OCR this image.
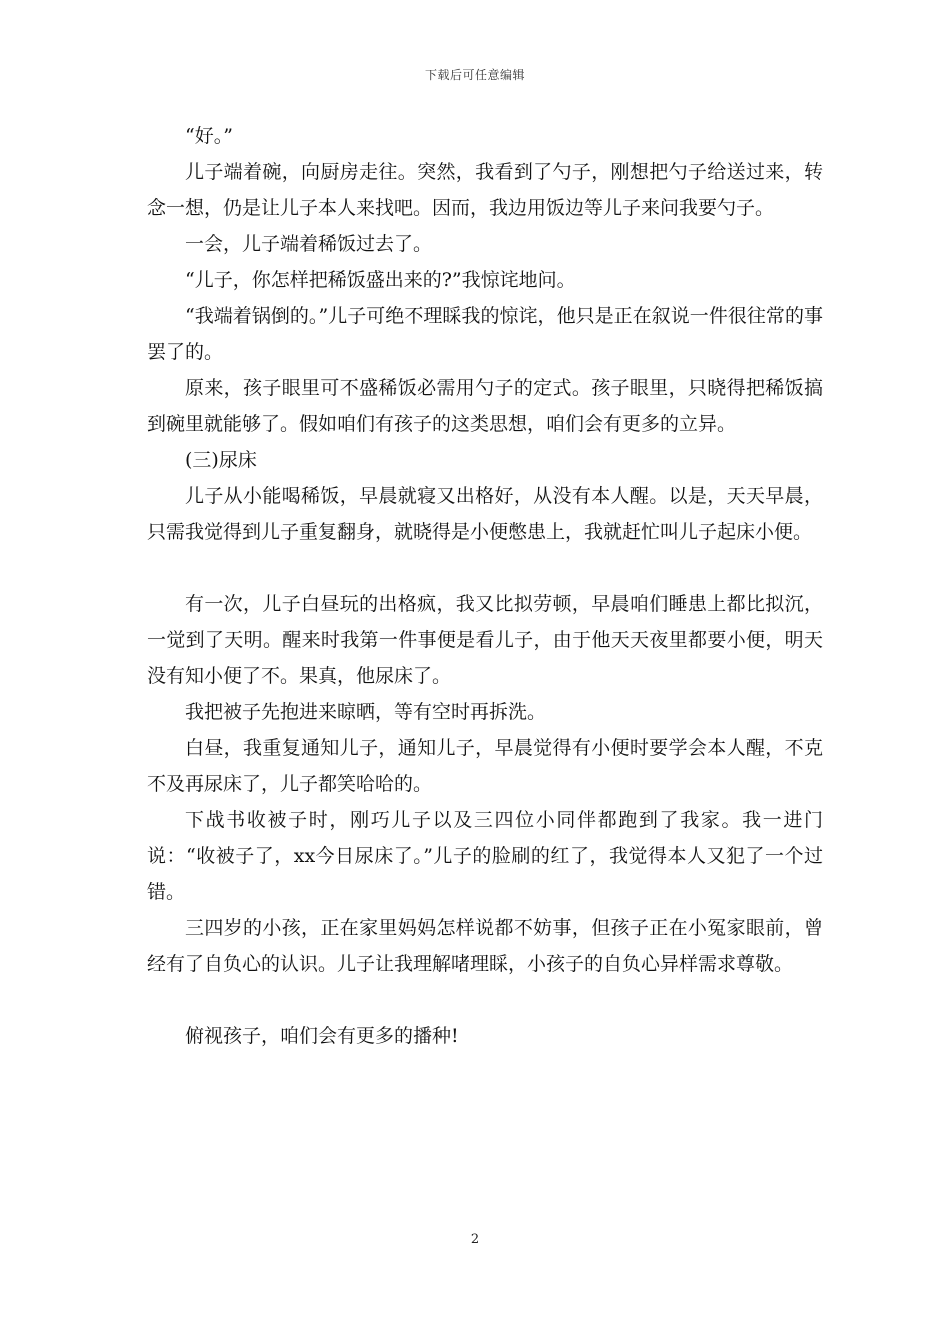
下载后可任意编辑

“好。”

儿子端着碗，向厨房走往。突然，我看到了勺子，刚想把勺子给送过来，转念一想，仍是让儿子本人来找吧。因而，我边用饭边等儿子来问我要勺子。

一会，儿子端着稀饭过去了。

“儿子，你怎样把稀饭盛出来的?”我惊诧地问。

“我端着锅倒的。”儿子可绝不理睬我的惊诧，他只是正在叙说一件很往常的事罢了的。

原来，孩子眼里可不盛稀饭必需用勺子的定式。孩子眼里，只晓得把稀饭搞到碗里就能够了。假如咱们有孩子的这类思想，咱们会有更多的立异。

(三)尿床

儿子从小能喝稀饭，早晨就寝又出格好，从没有本人醒。以是，天天早晨，只需我觉得到儿子重复翻身，就晓得是小便憋患上，我就赶忙叫儿子起床小便。

有一次，儿子白昼玩的出格疯，我又比拟劳顿，早晨咱们睡患上都比拟沉，一觉到了天明。醒来时我第一件事便是看儿子，由于他天天夜里都要小便，明天没有知小便了不。果真，他尿床了。

我把被子先抱进来晾晒，等有空时再拆洗。

白昼，我重复通知儿子，通知儿子，早晨觉得有小便时要学会本人醒，不克不及再尿床了，儿子都笑哈哈的。

下战书收被子时，刚巧儿子以及三四位小同伴都跑到了我家。我一进门说：“收被子了，xx今日尿床了。”儿子的脸刷的红了，我觉得本人又犯了一个过错。

三四岁的小孩，正在家里妈妈怎样说都不妨事，但孩子正在小冤家眼前，曾经有了自负心的认识。儿子让我理解啫理睬，小孩子的自负心异样需求尊敬。

俯视孩子，咱们会有更多的播种!

2
